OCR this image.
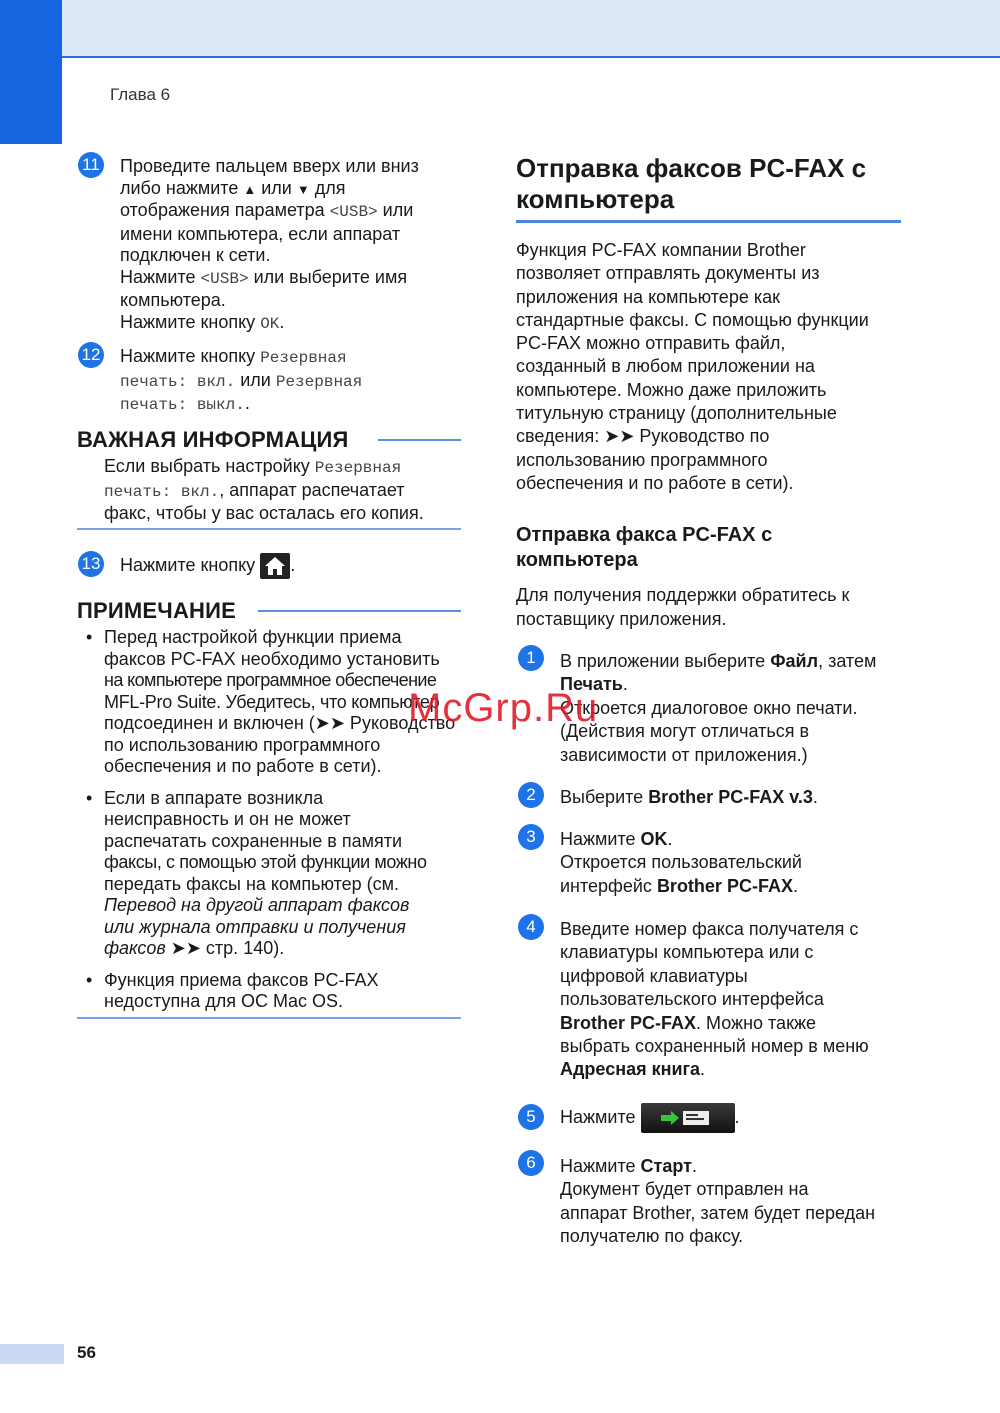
Глава 6
11 Проведите пальцем вверх или вниз

либо нажмите ▲ или ▼ для

отображения параметра <USB> или

имени компьютера, если аппарат

подключен к сети.

Нажмите <USB> или выберите имя

компьютера.

Нажмите кнопку OK.

12 Нажмите кнопку Резервная

печать: вкл. или Резервная

печать: выкл..

ВАЖНАЯ ИНФОРМАЦИЯ
Если выбрать настройку Резервная
печать: вкл., аппарат распечатает
факс, чтобы у вас осталась его копия.
13 Нажмите кнопку
.
ПРИМЕЧАНИЕ
• Перед настройкой функции приема
факсов PC-FAX необходимо установить
на компьютере программное обеспечение
MFL-Pro Suite. Убедитесь, что компьютер
подсоединен и включен (➤➤ Руководство
по использованию программного
обеспечения и по работе в сети).
• Если в аппарате возникла
неисправность и он не может
распечатать сохраненные в памяти
факсы, с помощью этой функции можно
передать факсы на компьютер (см.
Перевод на другой аппарат факсов
или журнала отправки и получения
факсов ➤➤ стр. 140).
• Функция приема факсов PC-FAX
недоступна для ОС Mac OS.
Отправка факсов PC-FAX с
компьютера
Функция PC-FAX компании Brother
позволяет отправлять документы из
приложения на компьютере как
стандартные факсы. С помощью функции
PC-FAX можно отправить файл,
созданный в любом приложении на
компьютере. Можно даже приложить
титульную страницу (дополнительные
сведения: ➤➤ Руководство по
использованию программного
обеспечения и по работе в сети).
Отправка факса PC-FAX с
компьютера
Для получения поддержки обратитесь к
поставщику приложения.
1	В приложении выберите Файл, затем

Печать.

Откроется диалоговое окно печати.

(Действия могут отличаться в

зависимости от приложения.)

2	Выберите Brother PC-FAX v.3.

3	Нажмите OK.

Откроется пользовательский

интерфейс Brother PC-FAX.

4	Введите номер факса получателя с

клавиатуры компьютера или с

цифровой клавиатуры

пользовательского интерфейса

Brother PC-FAX. Можно также

выбрать сохраненный номер в меню

Адресная книга.

5	Нажмите	.

6	Нажмите Старт.

Документ будет отправлен на

аппарат Brother, затем будет передан

получателю по факсу.

McGrp.Ru
56
